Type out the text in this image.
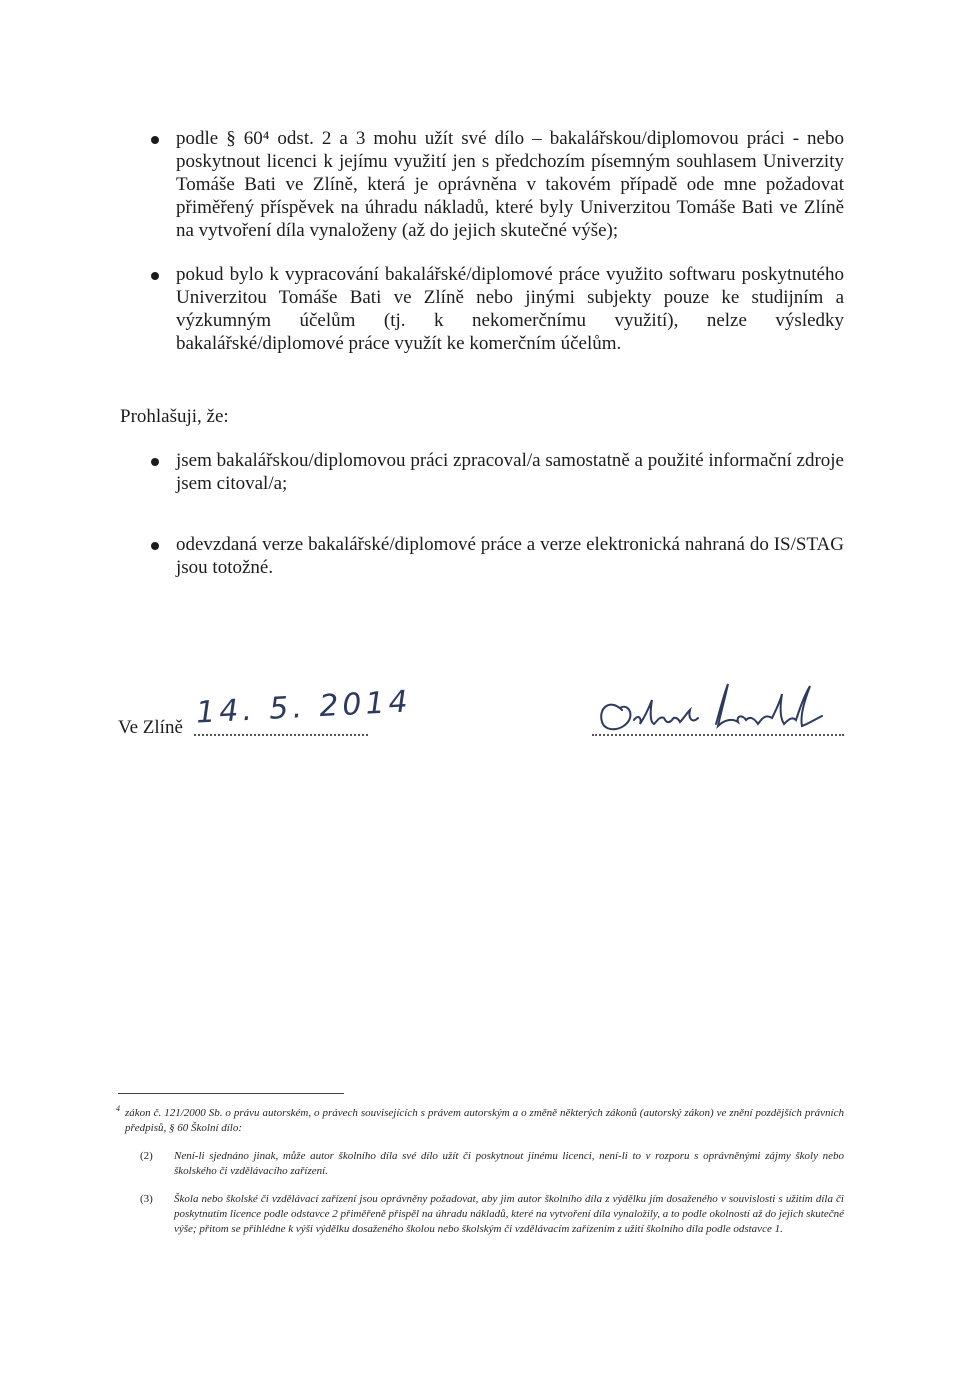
podle § 60⁴ odst. 2 a 3 mohu užít své dílo – bakalářskou/diplomovou práci - nebo poskytnout licenci k jejímu využití jen s předchozím písemným souhlasem Univerzity Tomáše Bati ve Zlíně, která je oprávněna v takovém případě ode mne požadovat přiměřený příspěvek na úhradu nákladů, které byly Univerzitou Tomáše Bati ve Zlíně na vytvoření díla vynaloženy (až do jejich skutečné výše);
pokud bylo k vypracování bakalářské/diplomové práce využito softwaru poskytnutého Univerzitou Tomáše Bati ve Zlíně nebo jinými subjekty pouze ke studijním a výzkumným účelům (tj. k nekomerčnímu využití), nelze výsledky bakalářské/diplomové práce využít ke komerčním účelům.
Prohlašuji, že:
jsem bakalářskou/diplomovou práci zpracoval/a samostatně a použité informační zdroje jsem citoval/a;
odevzdaná verze bakalářské/diplomové práce a verze elektronická nahraná do IS/STAG jsou totožné.
Ve Zlíně 14. 5. 2014
4 zákon č. 121/2000 Sb. o právu autorském, o právech souvisejících s právem autorským a o změně některých zákonů (autorský zákon) ve znění pozdějších právních předpisů, § 60 Školní dílo:
(2) Není-li sjednáno jinak, může autor školního díla své dílo užít či poskytnout jinému licenci, není-li to v rozporu s oprávněnými zájmy školy nebo školského či vzdělávacího zařízení.
(3) Škola nebo školské či vzdělávací zařízení jsou oprávněny požadovat, aby jim autor školního díla z výdělku jím dosaženého v souvislosti s užitím díla či poskytnutím licence podle odstavce 2 přiměřeně přispěl na úhradu nákladů, které na vytvoření díla vynaložily, a to podle okolností až do jejich skutečné výše; přitom se přihlédne k výši výdělku dosaženého školou nebo školským či vzdělávacím zařízením z užití školního díla podle odstavce 1.
